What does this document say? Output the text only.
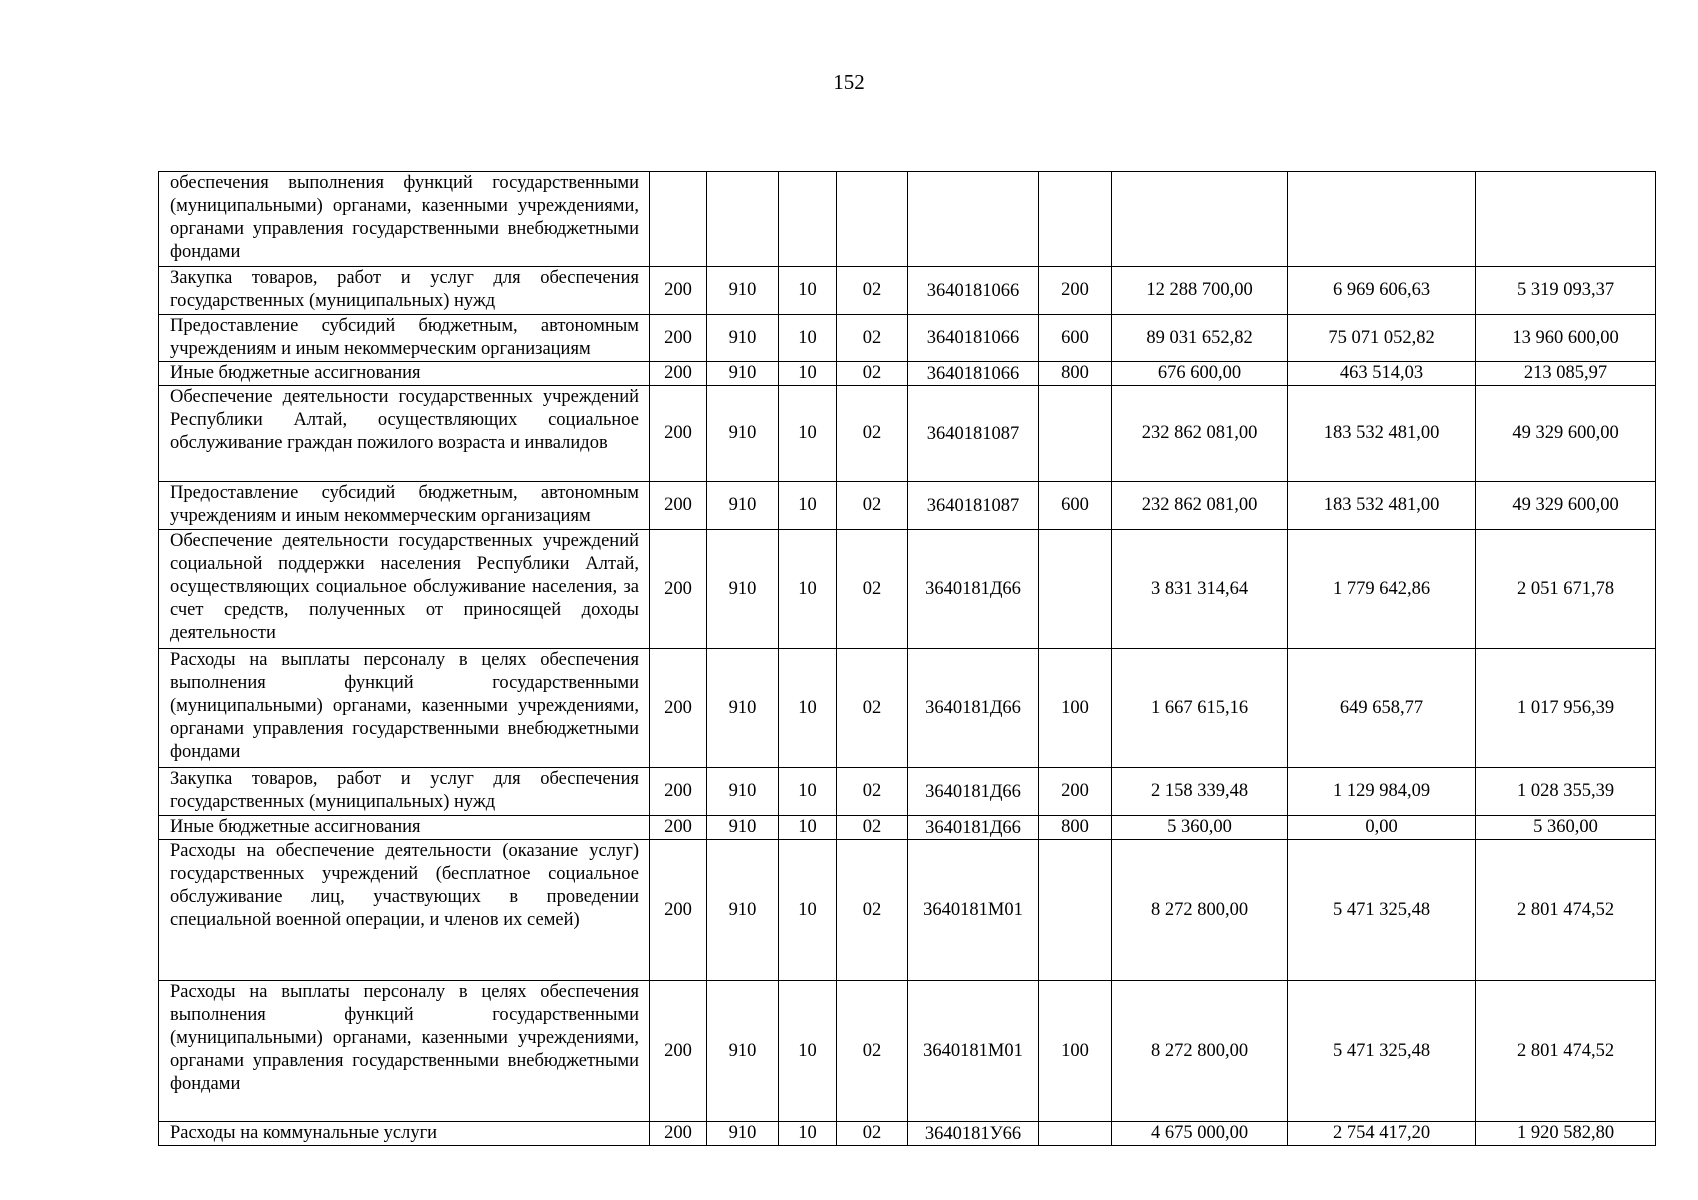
152
обеспечения выполнения функций государственными (муниципальными) органами, казенными учреждениями, органами управления государственными внебюджетными фондами									
Закупка товаров, работ и услуг для обеспечения государственных (муниципальных) нужд	200	910	10	02	3640181066	200	12 288 700,00	6 969 606,63	5 319 093,37
Предоставление субсидий бюджетным, автономным учреждениям и иным некоммерческим организациям	200	910	10	02	3640181066	600	89 031 652,82	75 071 052,82	13 960 600,00
Иные бюджетные ассигнования	200	910	10	02	3640181066	800	676 600,00	463 514,03	213 085,97
Обеспечение деятельности государственных учреждений Республики Алтай, осуществляющих социальное обслуживание граждан пожилого возраста и инвалидов	200	910	10	02	3640181087		232 862 081,00	183 532 481,00	49 329 600,00
Предоставление субсидий бюджетным, автономным учреждениям и иным некоммерческим организациям	200	910	10	02	3640181087	600	232 862 081,00	183 532 481,00	49 329 600,00
Обеспечение деятельности государственных учреждений социальной поддержки населения Республики Алтай, осуществляющих социальное обслуживание населения, за счет средств, полученных от приносящей доходы деятельности	200	910	10	02	3640181Д66		3 831 314,64	1 779 642,86	2 051 671,78
Расходы на выплаты персоналу в целях обеспечения выполнения функций государственными (муниципальными) органами, казенными учреждениями, органами управления государственными внебюджетными фондами	200	910	10	02	3640181Д66	100	1 667 615,16	649 658,77	1 017 956,39
Закупка товаров, работ и услуг для обеспечения государственных (муниципальных) нужд	200	910	10	02	3640181Д66	200	2 158 339,48	1 129 984,09	1 028 355,39
Иные бюджетные ассигнования	200	910	10	02	3640181Д66	800	5 360,00	0,00	5 360,00
Расходы на обеспечение деятельности (оказание услуг) государственных учреждений (бесплатное социальное обслуживание лиц, участвующих в проведении специальной военной операции, и членов их семей)	200	910	10	02	3640181М01		8 272 800,00	5 471 325,48	2 801 474,52
Расходы на выплаты персоналу в целях обеспечения выполнения функций государственными (муниципальными) органами, казенными учреждениями, органами управления государственными внебюджетными фондами	200	910	10	02	3640181М01	100	8 272 800,00	5 471 325,48	2 801 474,52
Расходы на коммунальные услуги	200	910	10	02	3640181У66		4 675 000,00	2 754 417,20	1 920 582,80
